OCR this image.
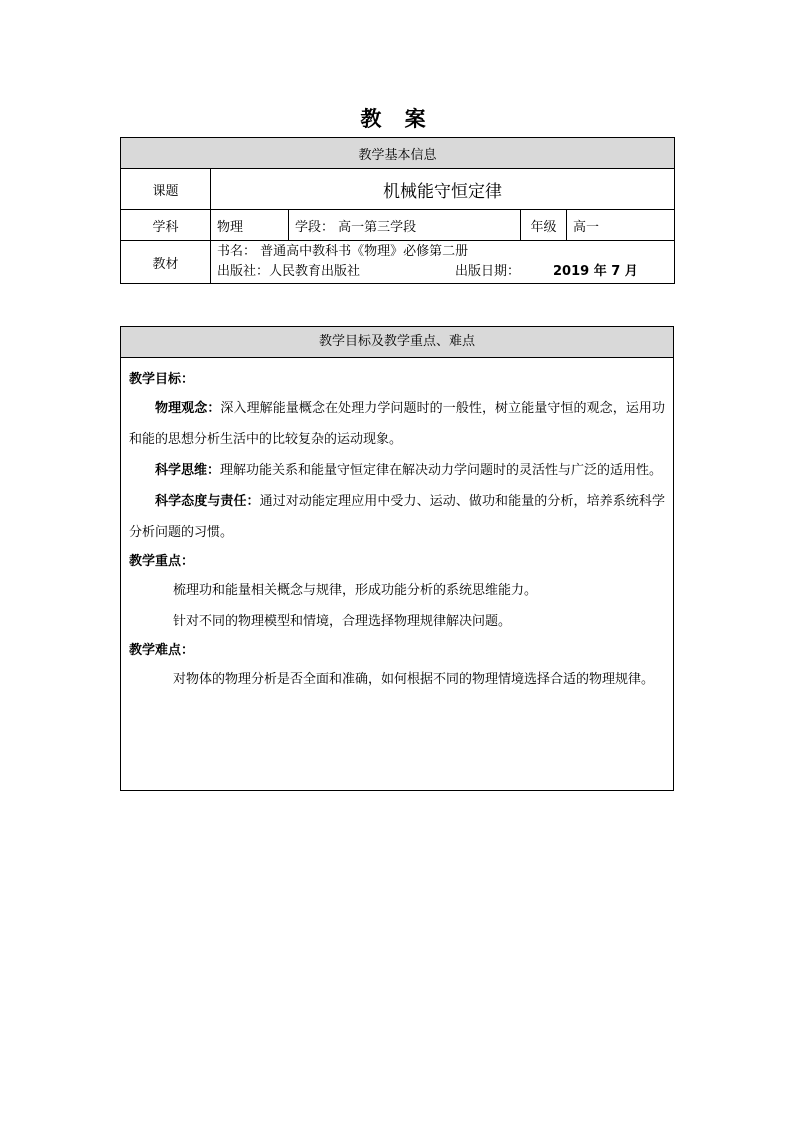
教 案
教学基本信息				
课题	机械能守恒定律			
学科	物理	学段： 高一第三学段	年级	高一
教材	书名： 普通高中教科书《物理》必修第二册
出版社：人民教育出版社 出版日期： 2019 年 7 月			
教学目标及教学重点、难点
教学目标：
物理观念：深入理解能量概念在处理力学问题时的一般性，树立能量守恒的观念，运用功和能的思想分析生活中的比较复杂的运动现象。
科学思维：理解功能关系和能量守恒定律在解决动力学问题时的灵活性与广泛的适用性。
科学态度与责任：通过对动能定理应用中受力、运动、做功和能量的分析，培养系统科学分析问题的习惯。
教学重点：
梳理功和能量相关概念与规律，形成功能分析的系统思维能力。
针对不同的物理模型和情境，合理选择物理规律解决问题。
教学难点：
对物体的物理分析是否全面和准确，如何根据不同的物理情境选择合适的物理规律。
